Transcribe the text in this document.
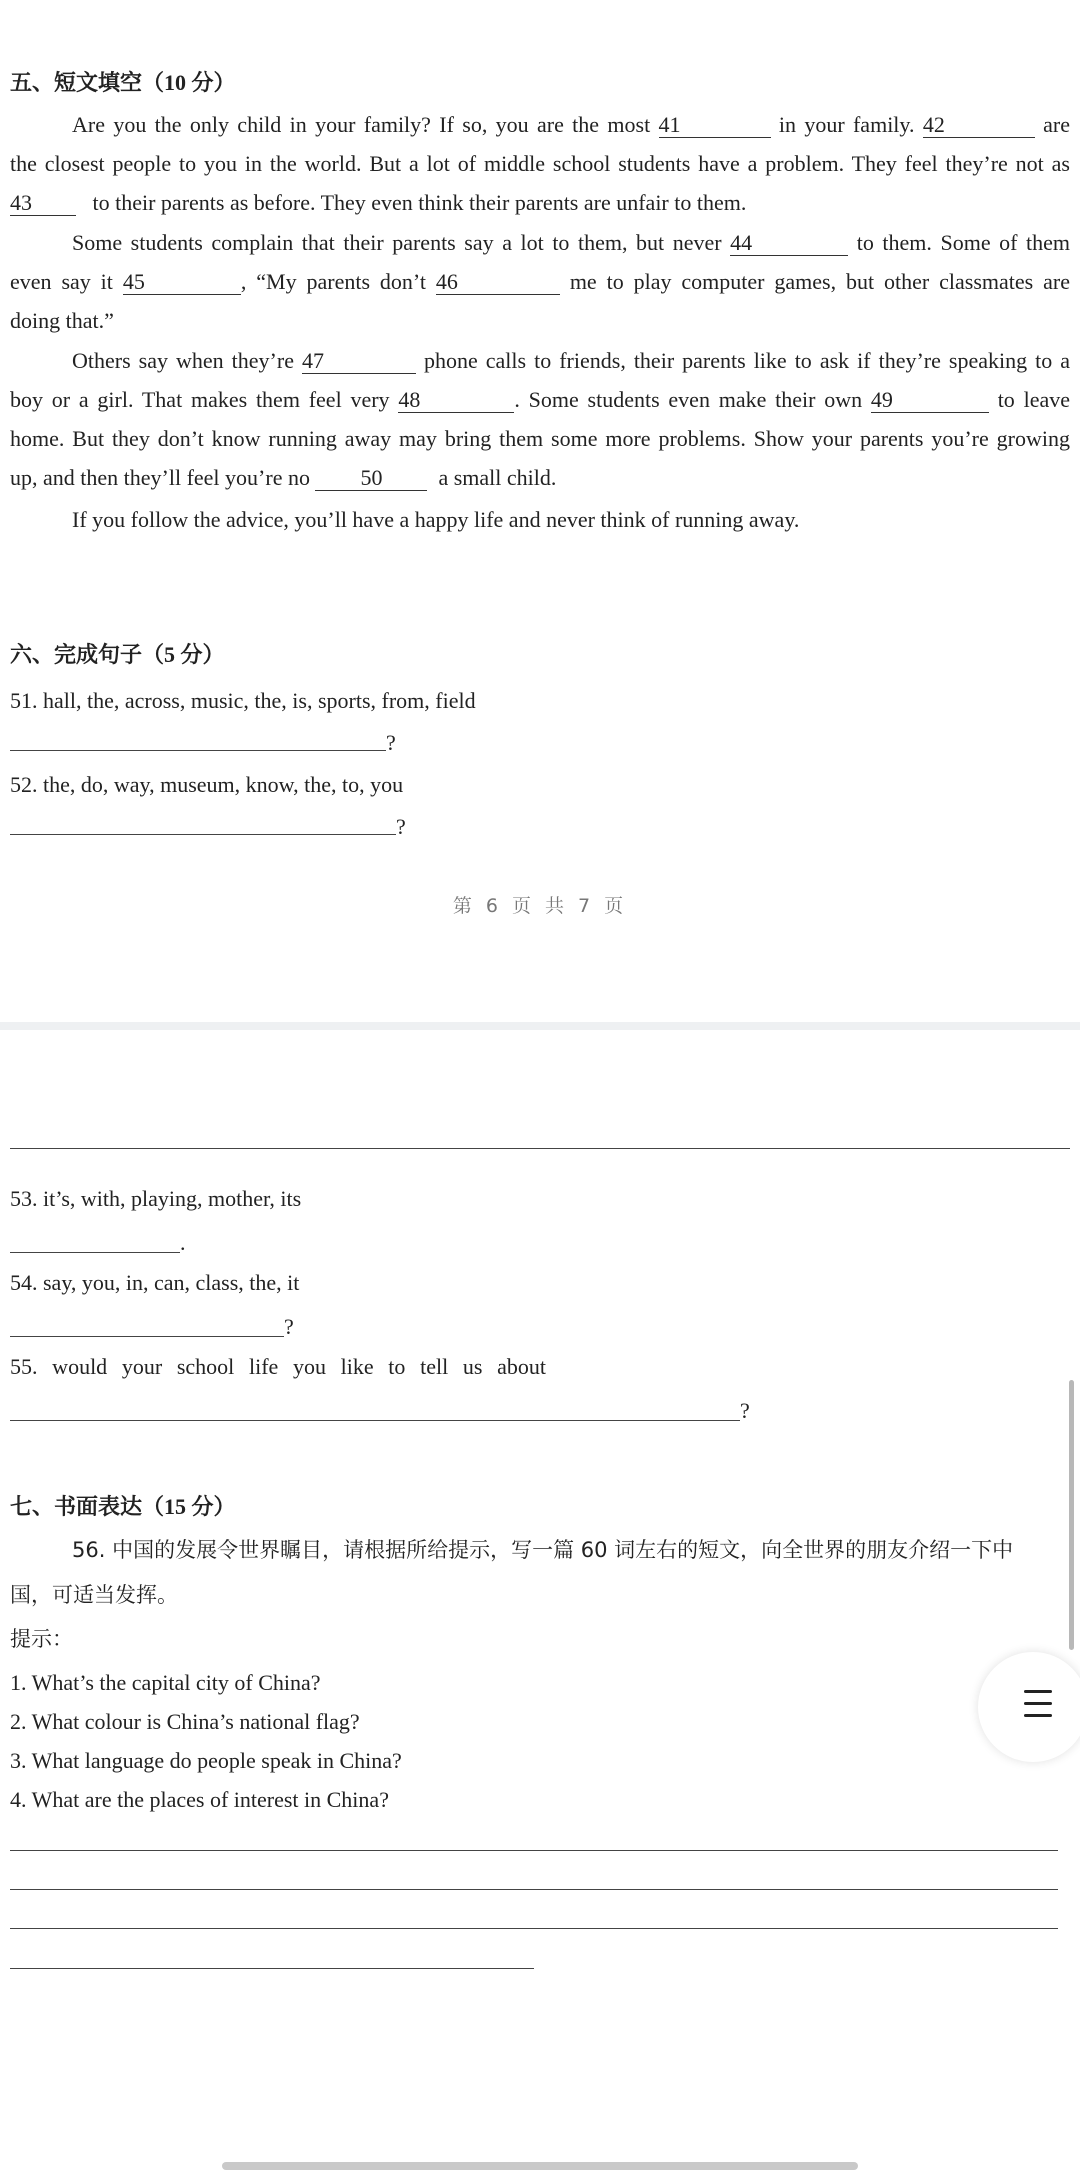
五、短文填空（10 分）
Are you the only child in your family? If so, you are the most 41	in your family. 42	are
the closest people to you in the world. But a lot of middle school students have a problem. They feel they’re not as
43	to their parents as before. They even think their parents are unfair to them.
Some students complain that their parents say a lot to them, but never 44	to them. Some of them
even say it 45	, “My parents don’t 46	me to play computer games, but other classmates are
doing that.”
Others say when they’re 47	phone calls to friends, their parents like to ask if they’re speaking to a
boy or a girl. That makes them feel very 48	. Some students even make their own 49	to leave
home. But they don’t know running away may bring them some more problems. Show your parents you’re growing
up, and then they’ll feel you’re no 50	a small child.
If you follow the advice, you’ll have a happy life and never think of running away.
六、完成句子（5 分）
51. hall, the, across, music, the, is, sports, from, field
?
52. the, do, way, museum, know, the, to, you
?
第 6 页 共 7 页
53. it’s, with, playing, mother, its
.
54. say, you, in, can, class, the, it
?
55. would your school life you like to tell us about
?
七、书面表达（15 分）
56. 中国的发展令世界瞩目，请根据所给提示，写一篇 60 词左右的短文，向全世界的朋友介绍一下中
国，可适当发挥。
提示：
1. What’s the capital city of China?
2. What colour is China’s national flag?
3. What language do people speak in China?
4. What are the places of interest in China?
